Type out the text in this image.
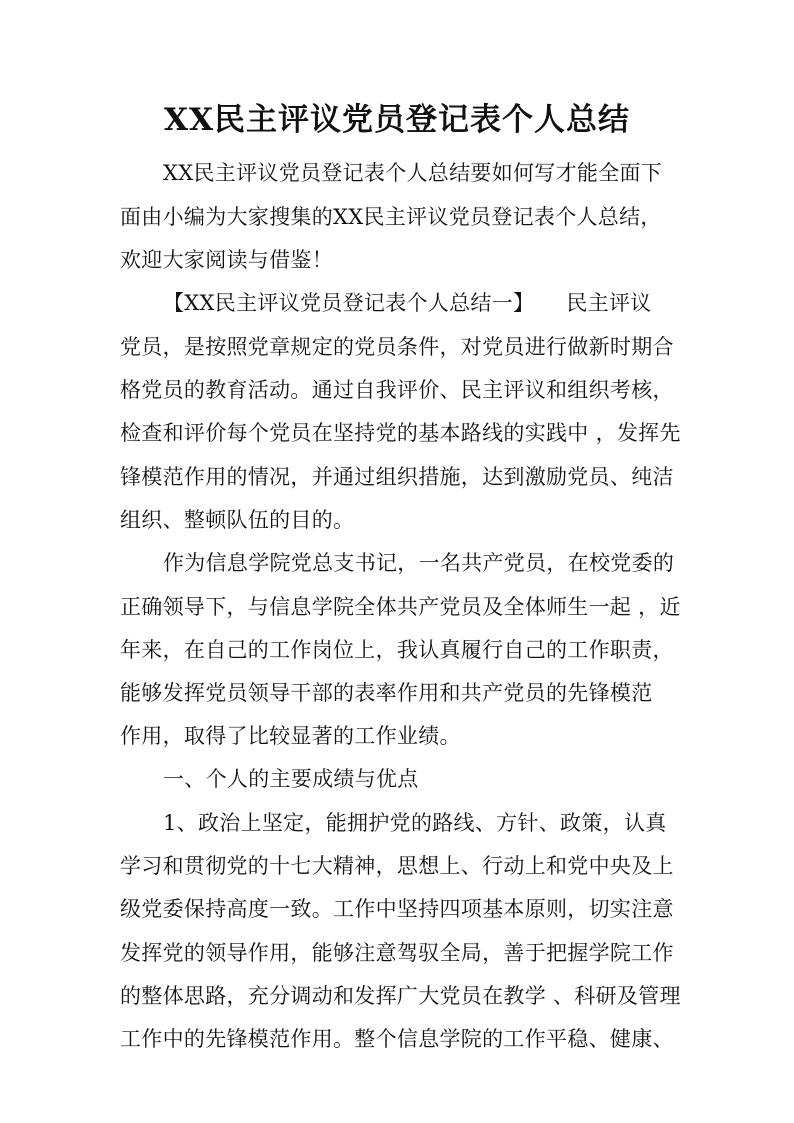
XX民主评议党员登记表个人总结
XX民主评议党员登记表个人总结要如何写才能全面下
面由小编为大家搜集的XX民主评议党员登记表个人总结，
欢迎大家阅读与借鉴！
【XX民主评议党员登记表个人总结一】　　民主评议
党员，是按照党章规定的党员条件，对党员进行做新时期合
格党员的教育活动。通过自我评价、民主评议和组织考核，
检查和评价每个党员在坚持党的基本路线的实践中 ，发挥先
锋模范作用的情况，并通过组织措施，达到激励党员、纯洁
组织、整顿队伍的目的。
作为信息学院党总支书记，一名共产党员，在校党委的
正确领导下，与信息学院全体共产党员及全体师生一起 ，近
年来，在自己的工作岗位上，我认真履行自己的工作职责，
能够发挥党员领导干部的表率作用和共产党员的先锋模范
作用，取得了比较显著的工作业绩。
一、个人的主要成绩与优点
1、政治上坚定，能拥护党的路线、方针、政策，认真
学习和贯彻党的十七大精神，思想上、行动上和党中央及上
级党委保持高度一致。工作中坚持四项基本原则，切实注意
发挥党的领导作用，能够注意驾驭全局，善于把握学院工作
的整体思路，充分调动和发挥广大党员在教学 、科研及管理
工作中的先锋模范作用。整个信息学院的工作平稳、健康、
